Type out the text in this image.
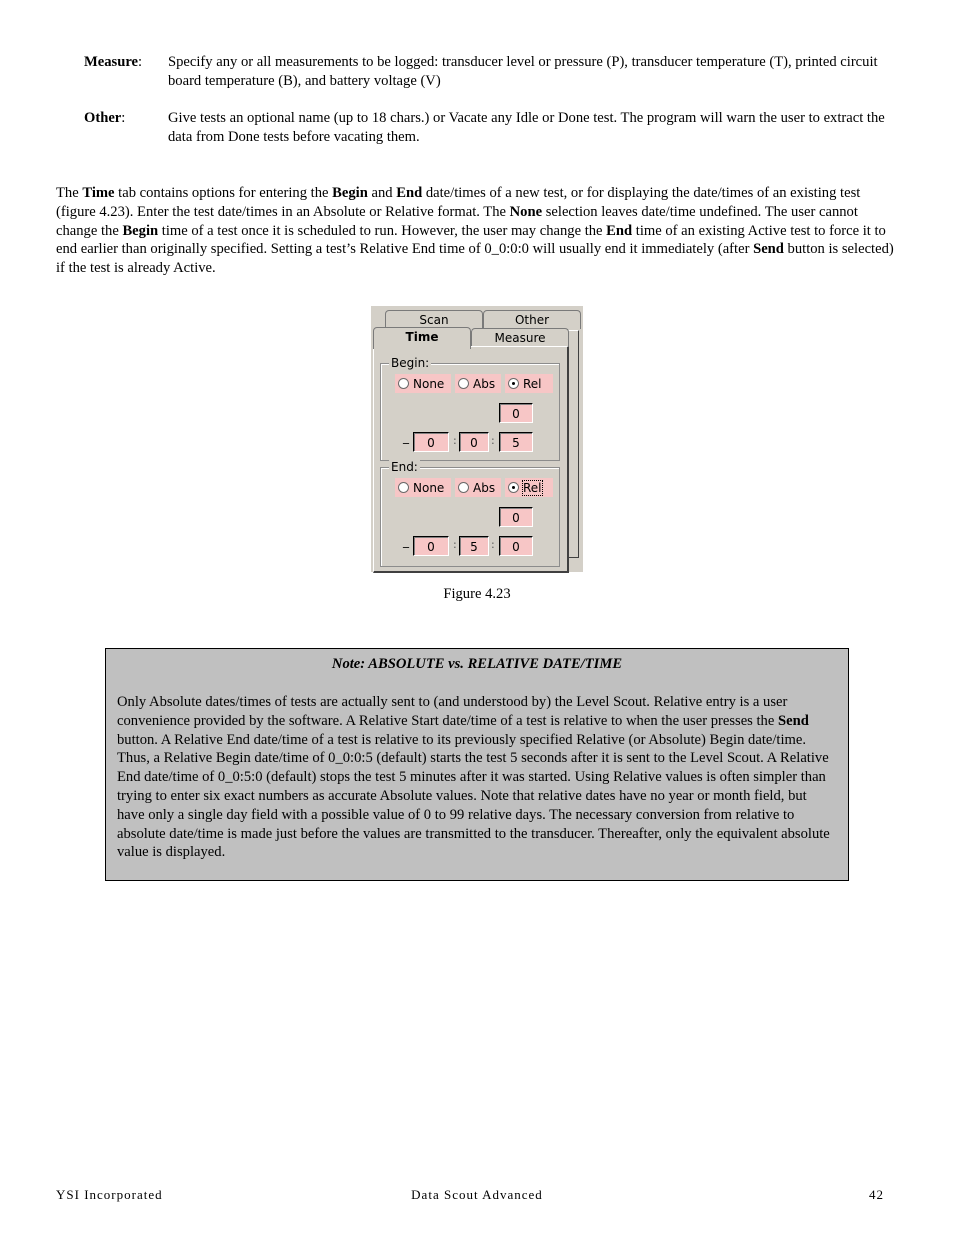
Measure:	Specify any or all measurements to be logged: transducer level or pressure (P), transducer temperature (T), printed circuit board temperature (B), and battery voltage (V)
Other:	Give tests an optional name (up to 18 chars.) or Vacate any Idle or Done test. The program will warn the user to extract the data from Done tests before vacating them.
The Time tab contains options for entering the Begin and End date/times of a new test, or for displaying the date/times of an existing test (figure 4.23). Enter the test date/times in an Absolute or Relative format. The None selection leaves date/time undefined. The user cannot change the Begin time of a test once it is scheduled to run. However, the user may change the End time of an existing Active test to force it to end earlier than originally specified. Setting a test’s Relative End time of 0_0:0:0 will usually end it immediately (after Send button is selected) if the test is already Active.
Scan	Other
Measure
Time
Begin:
None Abs Rel
0
_	0	:	0	:	5
End:
None Abs Rel
0
_	0	:	5	:	0
Figure 4.23
Note: ABSOLUTE vs. RELATIVE DATE/TIME
Only Absolute dates/times of tests are actually sent to (and understood by) the Level Scout. Relative entry is a user convenience provided by the software. A Relative Start date/time of a test is relative to when the user presses the Send button. A Relative End date/time of a test is relative to its previously specified Relative (or Absolute) Begin date/time. Thus, a Relative Begin date/time of 0_0:0:5 (default) starts the test 5 seconds after it is sent to the Level Scout. A Relative End date/time of 0_0:5:0 (default) stops the test 5 minutes after it was started. Using Relative values is often simpler than trying to enter six exact numbers as accurate Absolute values. Note that relative dates have no year or month field, but have only a single day field with a possible value of 0 to 99 relative days. The necessary conversion from relative to absolute date/time is made just before the values are transmitted to the transducer. Thereafter, only the equivalent absolute value is displayed.
YSI Incorporated	Data Scout Advanced	42
